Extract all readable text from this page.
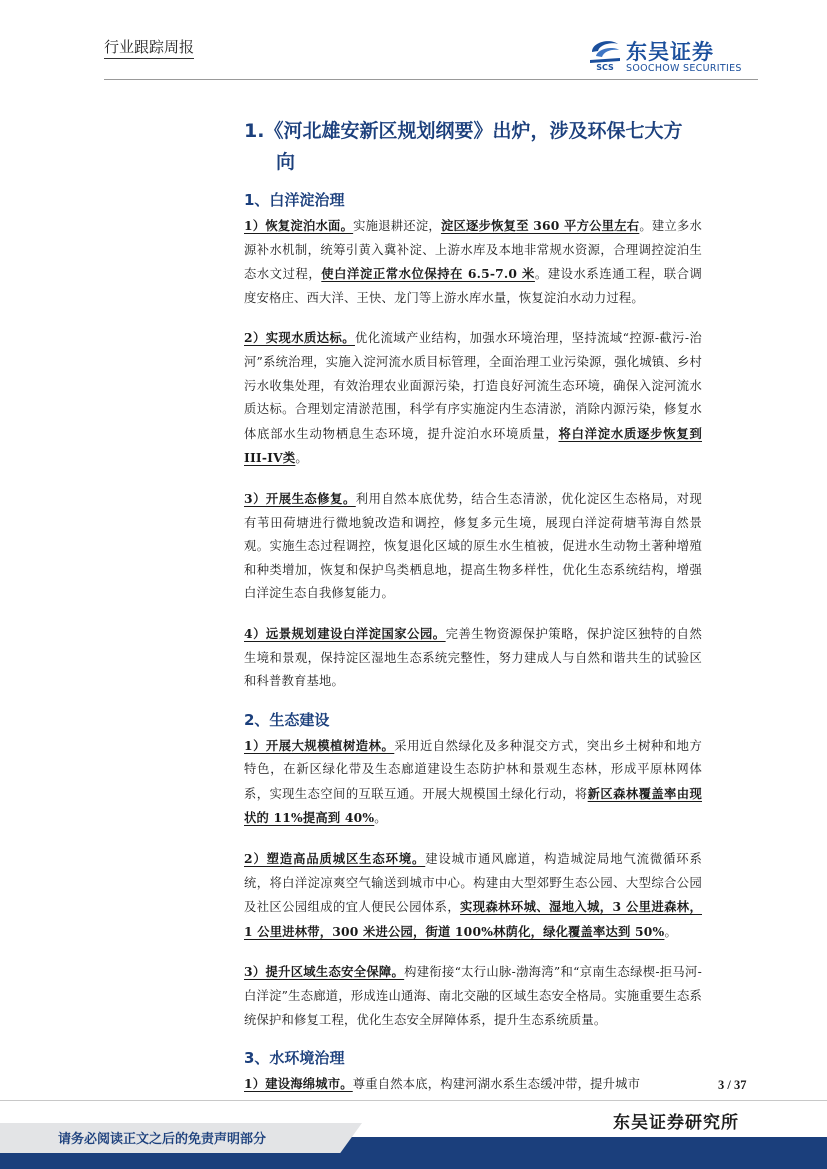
行业跟踪周报
SCS
东吴证券
SOOCHOW SECURITIES
1.《河北雄安新区规划纲要》出炉，涉及环保七大方
向
1、白洋淀治理

1）恢复淀泊水面。实施退耕还淀，淀区逐步恢复至 360 平方公里左右。建立多水源补水机制，统筹引黄入冀补淀、上游水库及本地非常规水资源，合理调控淀泊生态水文过程，使白洋淀正常水位保持在 6.5-7.0 米。建设水系连通工程，联合调度安格庄、西大洋、王快、龙门等上游水库水量，恢复淀泊水动力过程。

2）实现水质达标。优化流域产业结构，加强水环境治理，坚持流域“控源-截污-治河”系统治理，实施入淀河流水质目标管理，全面治理工业污染源，强化城镇、乡村污水收集处理，有效治理农业面源污染，打造良好河流生态环境，确保入淀河流水质达标。合理划定清淤范围，科学有序实施淀内生态清淤，消除内源污染，修复水体底部水生动物栖息生态环境，提升淀泊水环境质量，将白洋淀水质逐步恢复到III-IV类。

3）开展生态修复。利用自然本底优势，结合生态清淤，优化淀区生态格局，对现有苇田荷塘进行微地貌改造和调控，修复多元生境，展现白洋淀荷塘苇海自然景观。实施生态过程调控，恢复退化区域的原生水生植被，促进水生动物土著种增殖和种类增加，恢复和保护鸟类栖息地，提高生物多样性，优化生态系统结构，增强白洋淀生态自我修复能力。

4）远景规划建设白洋淀国家公园。完善生物资源保护策略，保护淀区独特的自然生境和景观，保持淀区湿地生态系统完整性，努力建成人与自然和谐共生的试验区和科普教育基地。

2、生态建设

1）开展大规模植树造林。采用近自然绿化及多种混交方式，突出乡土树种和地方特色，在新区绿化带及生态廊道建设生态防护林和景观生态林，形成平原林网体系，实现生态空间的互联互通。开展大规模国土绿化行动，将新区森林覆盖率由现状的 11%提高到 40%。

2）塑造高品质城区生态环境。建设城市通风廊道，构造城淀局地气流微循环系统，将白洋淀凉爽空气输送到城市中心。构建由大型郊野生态公园、大型综合公园及社区公园组成的宜人便民公园体系，实现森林环城、湿地入城，3 公里进森林，1 公里进林带，300 米进公园，街道 100%林荫化，绿化覆盖率达到 50%。

3）提升区域生态安全保障。构建衔接“太行山脉-渤海湾”和“京南生态绿楔-拒马河-白洋淀”生态廊道，形成连山通海、南北交融的区域生态安全格局。实施重要生态系统保护和修复工程，优化生态安全屏障体系，提升生态系统质量。

3、水环境治理

1）建设海绵城市。尊重自然本底，构建河湖水系生态缓冲带，提升城市	3 / 37
东吴证券研究所
请务必阅读正文之后的免责声明部分
